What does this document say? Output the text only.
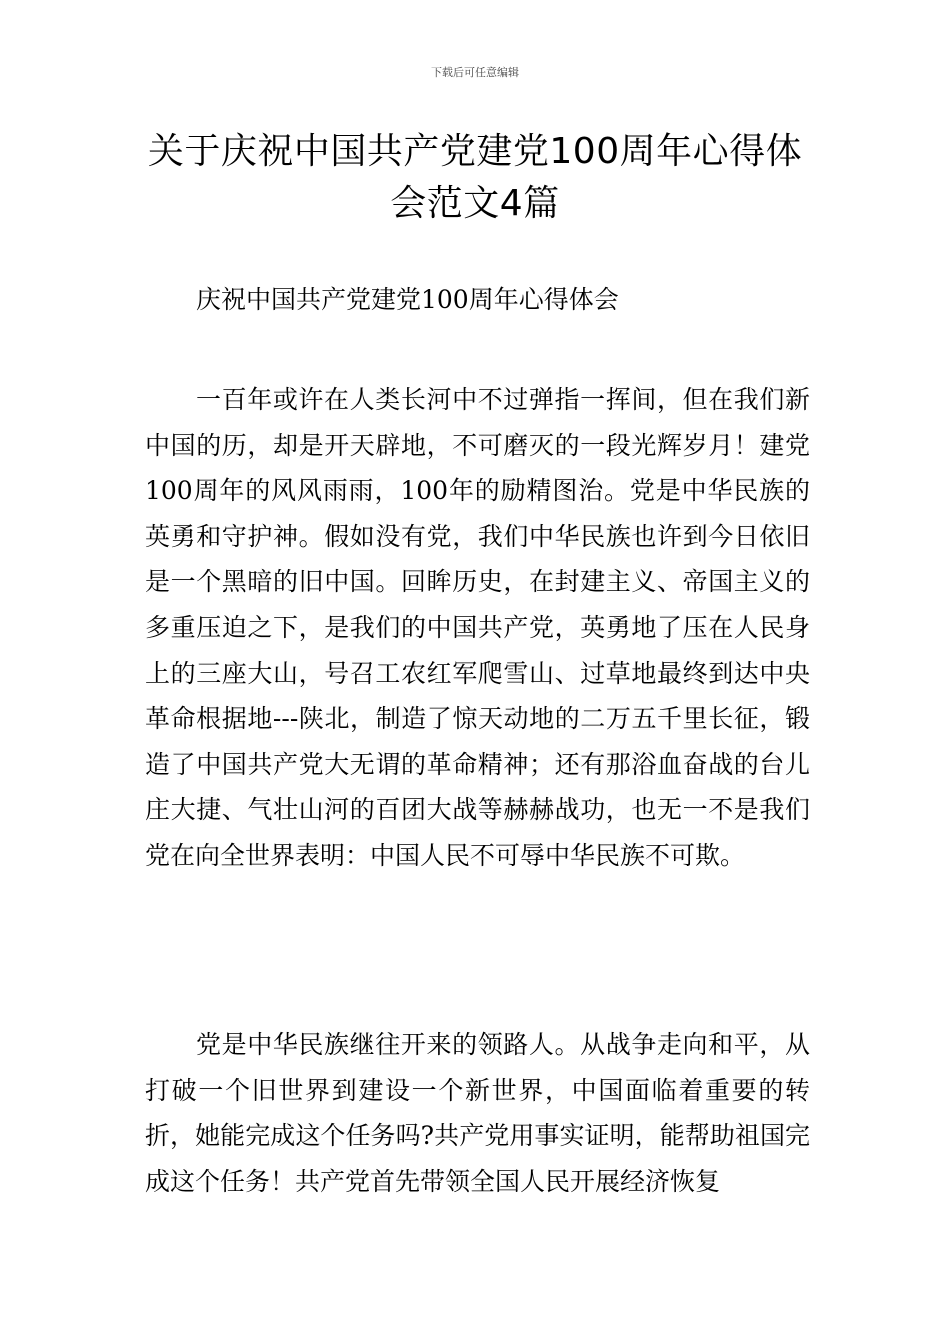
下载后可任意编辑
关于庆祝中国共产党建党100周年心得体会范文4篇
庆祝中国共产党建党100周年心得体会

一百年或许在人类长河中不过弹指一挥间，但在我们新中国的历，却是开天辟地，不可磨灭的一段光辉岁月！建党100周年的风风雨雨，100年的励精图治。党是中华民族的英勇和守护神。假如没有党，我们中华民族也许到今日依旧是一个黑暗的旧中国。回眸历史，在封建主义、帝国主义的多重压迫之下，是我们的中国共产党，英勇地了压在人民身上的三座大山，号召工农红军爬雪山、过草地最终到达中央革命根据地---陕北，制造了惊天动地的二万五千里长征，锻造了中国共产党大无谓的革命精神；还有那浴血奋战的台儿庄大捷、气壮山河的百团大战等赫赫战功，也无一不是我们党在向全世界表明：中国人民不可辱中华民族不可欺。

党是中华民族继往开来的领路人。从战争走向和平，从打破一个旧世界到建设一个新世界，中国面临着重要的转折，她能完成这个任务吗?共产党用事实证明，能帮助祖国完成这个任务！共产党首先带领全国人民开展经济恢复
